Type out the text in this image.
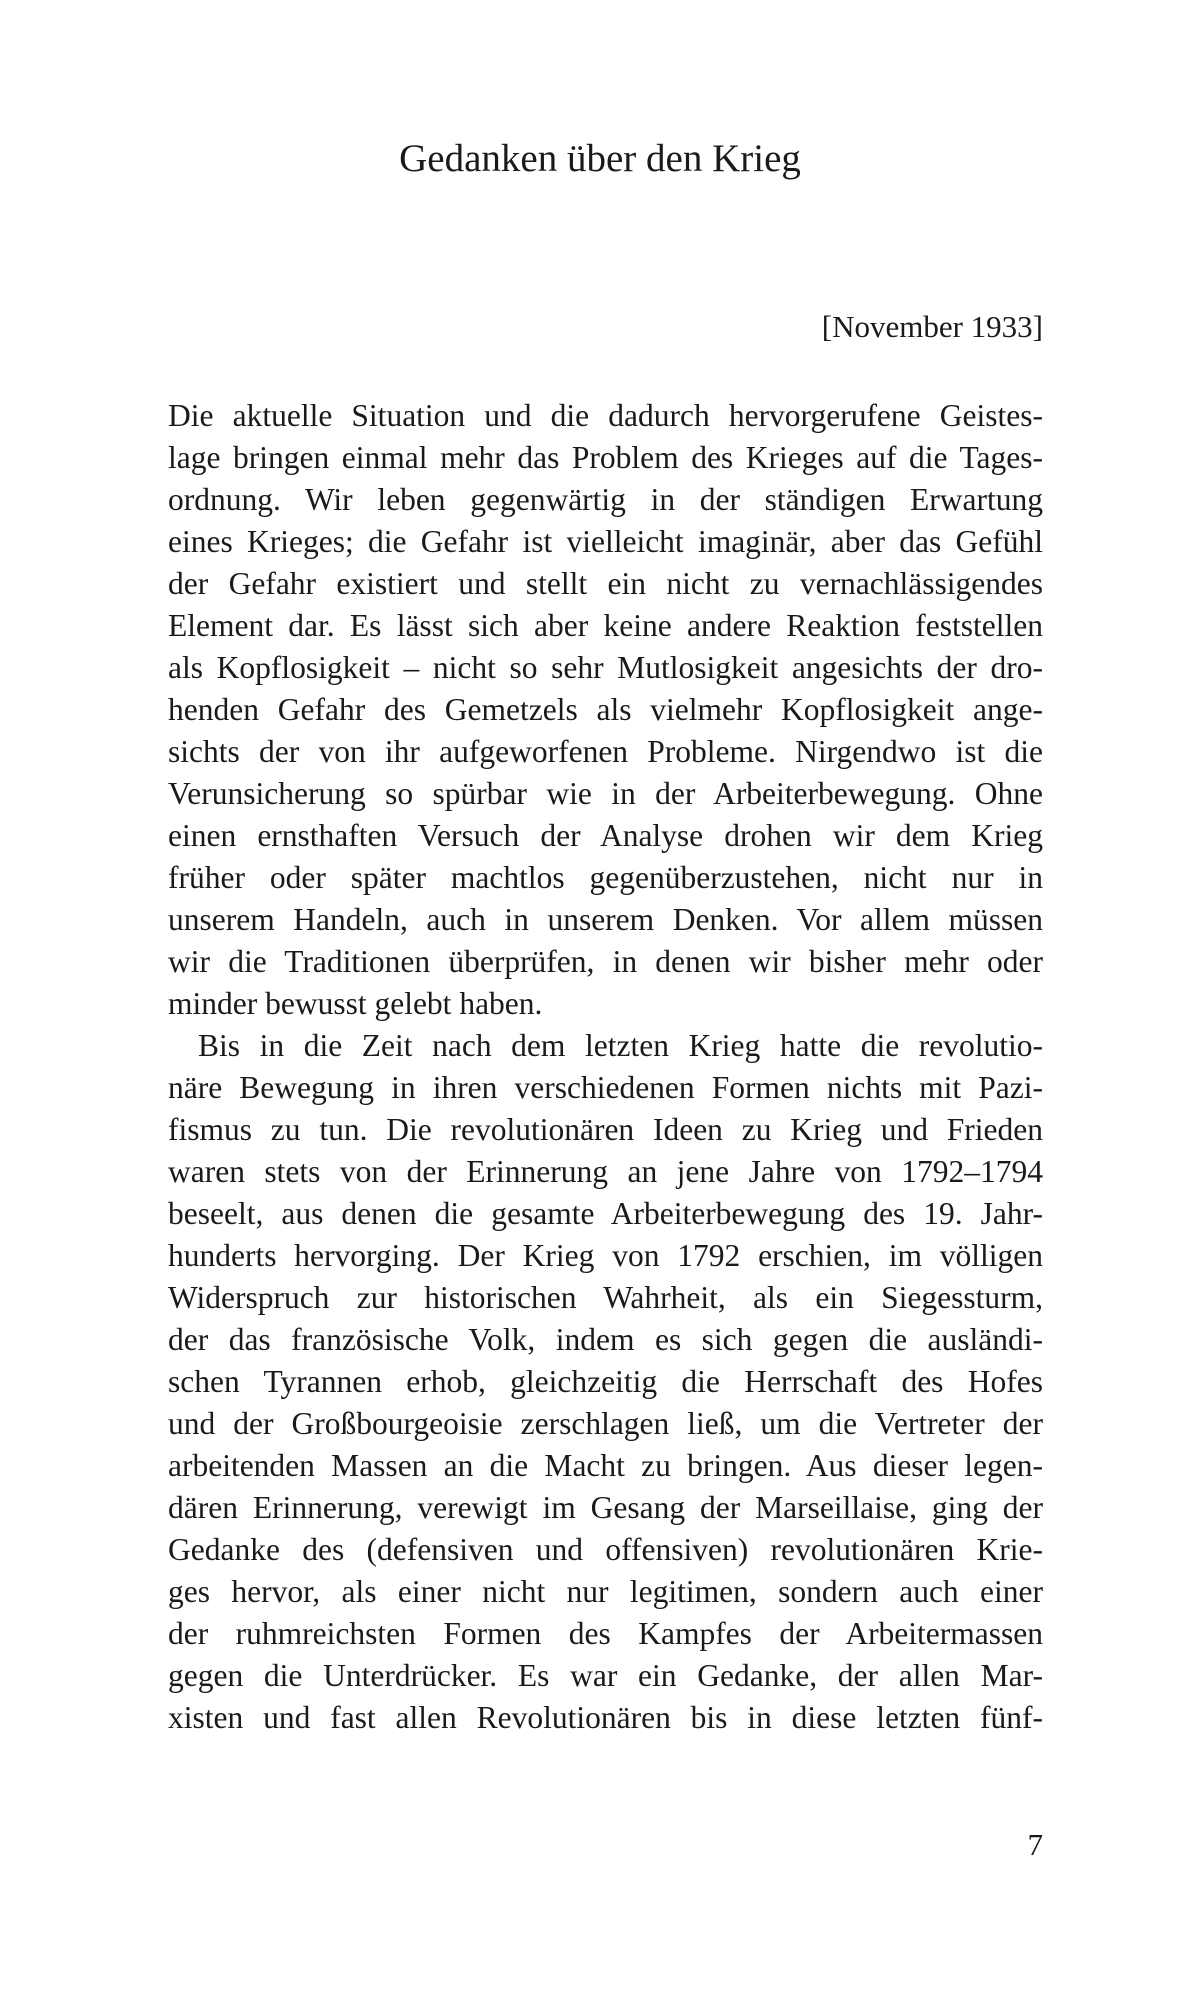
Gedanken über den Krieg
[November 1933]
Die aktuelle Situation und die dadurch hervorgerufene Geistes-
lage bringen einmal mehr das Problem des Krieges auf die Tages-
ordnung. Wir leben gegenwärtig in der ständigen Erwartung
eines Krieges; die Gefahr ist vielleicht imaginär, aber das Gefühl
der Gefahr existiert und stellt ein nicht zu vernachlässigendes
Element dar. Es lässt sich aber keine andere Reaktion feststellen
als Kopflosigkeit – nicht so sehr Mutlosigkeit angesichts der dro-
henden Gefahr des Gemetzels als vielmehr Kopflosigkeit ange-
sichts der von ihr aufgeworfenen Probleme. Nirgendwo ist die
Verunsicherung so spürbar wie in der Arbeiterbewegung. Ohne
einen ernsthaften Versuch der Analyse drohen wir dem Krieg
früher oder später machtlos gegenüberzustehen, nicht nur in
unserem Handeln, auch in unserem Denken. Vor allem müssen
wir die Traditionen überprüfen, in denen wir bisher mehr oder
minder bewusst gelebt haben.
Bis in die Zeit nach dem letzten Krieg hatte die revolutio-
näre Bewegung in ihren verschiedenen Formen nichts mit Pazi-
fismus zu tun. Die revolutionären Ideen zu Krieg und Frieden
waren stets von der Erinnerung an jene Jahre von 1792–1794
beseelt, aus denen die gesamte Arbeiterbewegung des 19. Jahr-
hunderts hervorging. Der Krieg von 1792 erschien, im völligen
Widerspruch zur historischen Wahrheit, als ein Siegessturm,
der das französische Volk, indem es sich gegen die ausländi-
schen Tyrannen erhob, gleichzeitig die Herrschaft des Hofes
und der Großbourgeoisie zerschlagen ließ, um die Vertreter der
arbeitenden Massen an die Macht zu bringen. Aus dieser legen-
dären Erinnerung, verewigt im Gesang der Marseillaise, ging der
Gedanke des (defensiven und offensiven) revolutionären Krie-
ges hervor, als einer nicht nur legitimen, sondern auch einer
der ruhmreichsten Formen des Kampfes der Arbeitermassen
gegen die Unterdrücker. Es war ein Gedanke, der allen Mar-
xisten und fast allen Revolutionären bis in diese letzten fünf-
7
